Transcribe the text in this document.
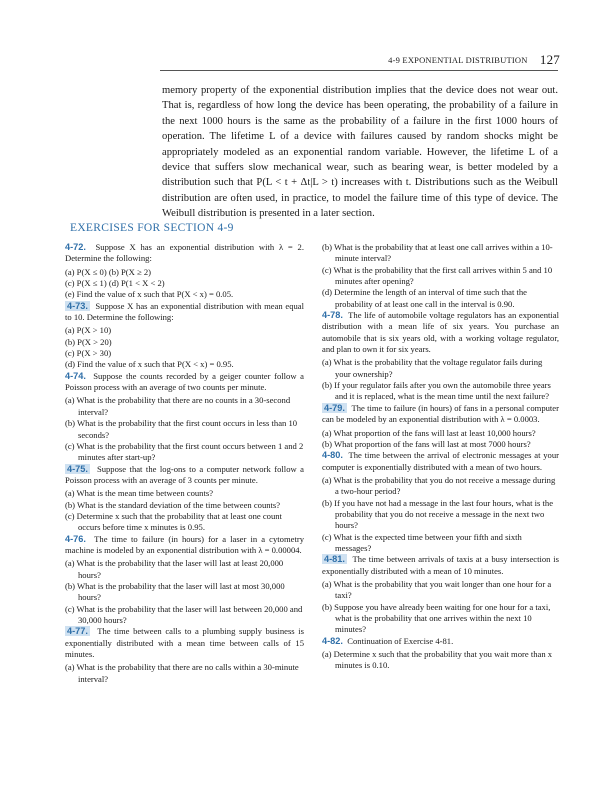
4-9 EXPONENTIAL DISTRIBUTION 127

memory property of the exponential distribution implies that the device does not wear out. That is, regardless of how long the device has been operating, the probability of a failure in the next 1000 hours is the same as the probability of a failure in the first 1000 hours of operation. The lifetime L of a device with failures caused by random shocks might be appropriately modeled as an exponential random variable. However, the lifetime L of a device that suffers slow mechanical wear, such as bearing wear, is better modeled by a distribution such that P(L < t + Δt|L > t) increases with t. Distributions such as the Weibull distribution are often used, in practice, to model the failure time of this type of device. The Weibull distribution is presented in a later section.

EXERCISES FOR SECTION 4-9

4-72. Suppose X has an exponential distribution with λ = 2. Determine the following:

(a) P(X ≤ 0) (b) P(X ≥ 2)
(c) P(X ≤ 1) (d) P(1 < X < 2)
(e) Find the value of x such that P(X < x) = 0.05.

4-73. Suppose X has an exponential distribution with mean equal to 10. Determine the following:

(a) P(X > 10)
(b) P(X > 20)
(c) P(X > 30)
(d) Find the value of x such that P(X < x) = 0.95.

4-74. Suppose the counts recorded by a geiger counter follow a Poisson process with an average of two counts per minute.

(a) What is the probability that there are no counts in a 30-second interval?
(b) What is the probability that the first count occurs in less than 10 seconds?
(c) What is the probability that the first count occurs between 1 and 2 minutes after start-up?

4-75. Suppose that the log-ons to a computer network follow a Poisson process with an average of 3 counts per minute.

(a) What is the mean time between counts?
(b) What is the standard deviation of the time between counts?
(c) Determine x such that the probability that at least one count occurs before time x minutes is 0.95.

4-76. The time to failure (in hours) for a laser in a cytometry machine is modeled by an exponential distribution with λ = 0.00004.

(a) What is the probability that the laser will last at least 20,000 hours?
(b) What is the probability that the laser will last at most 30,000 hours?
(c) What is the probability that the laser will last between 20,000 and 30,000 hours?

4-77. The time between calls to a plumbing supply business is exponentially distributed with a mean time between calls of 15 minutes.

(a) What is the probability that there are no calls within a 30-minute interval?
(b) What is the probability that at least one call arrives within a 10-minute interval?
(c) What is the probability that the first call arrives within 5 and 10 minutes after opening?
(d) Determine the length of an interval of time such that the probability of at least one call in the interval is 0.90.

4-78. The life of automobile voltage regulators has an exponential distribution with a mean life of six years. You purchase an automobile that is six years old, with a working voltage regulator, and plan to own it for six years.

(a) What is the probability that the voltage regulator fails during your ownership?
(b) If your regulator fails after you own the automobile three years and it is replaced, what is the mean time until the next failure?

4-79. The time to failure (in hours) of fans in a personal computer can be modeled by an exponential distribution with λ = 0.0003.

(a) What proportion of the fans will last at least 10,000 hours?
(b) What proportion of the fans will last at most 7000 hours?

4-80. The time between the arrival of electronic messages at your computer is exponentially distributed with a mean of two hours.

(a) What is the probability that you do not receive a message during a two-hour period?
(b) If you have not had a message in the last four hours, what is the probability that you do not receive a message in the next two hours?
(c) What is the expected time between your fifth and sixth messages?

4-81. The time between arrivals of taxis at a busy intersection is exponentially distributed with a mean of 10 minutes.

(a) What is the probability that you wait longer than one hour for a taxi?
(b) Suppose you have already been waiting for one hour for a taxi, what is the probability that one arrives within the next 10 minutes?

4-82. Continuation of Exercise 4-81.

(a) Determine x such that the probability that you wait more than x minutes is 0.10.
